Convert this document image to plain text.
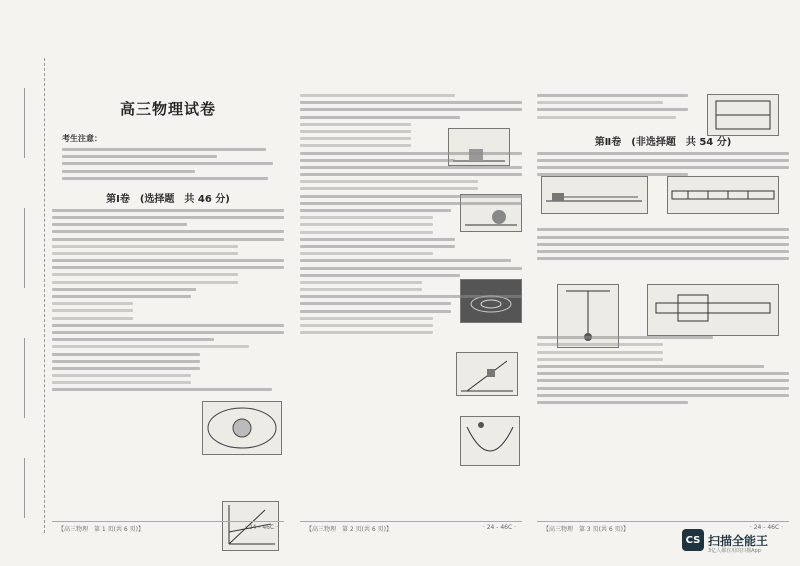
高三物理试卷
考生注意：
第Ⅰ卷　(选择题　共 46 分)
【高三物理　第 1 页(共 6 页)】	· 24 - 46C ·	【高三物理　第 2 页(共 6 页)】	· 24 - 46C ·
第Ⅱ卷　(非选择题　共 54 分)
【高三物理　第 3 页(共 6 页)】	· 24 - 46C ·
CS 扫描全能王
3亿人都在用的扫描App
